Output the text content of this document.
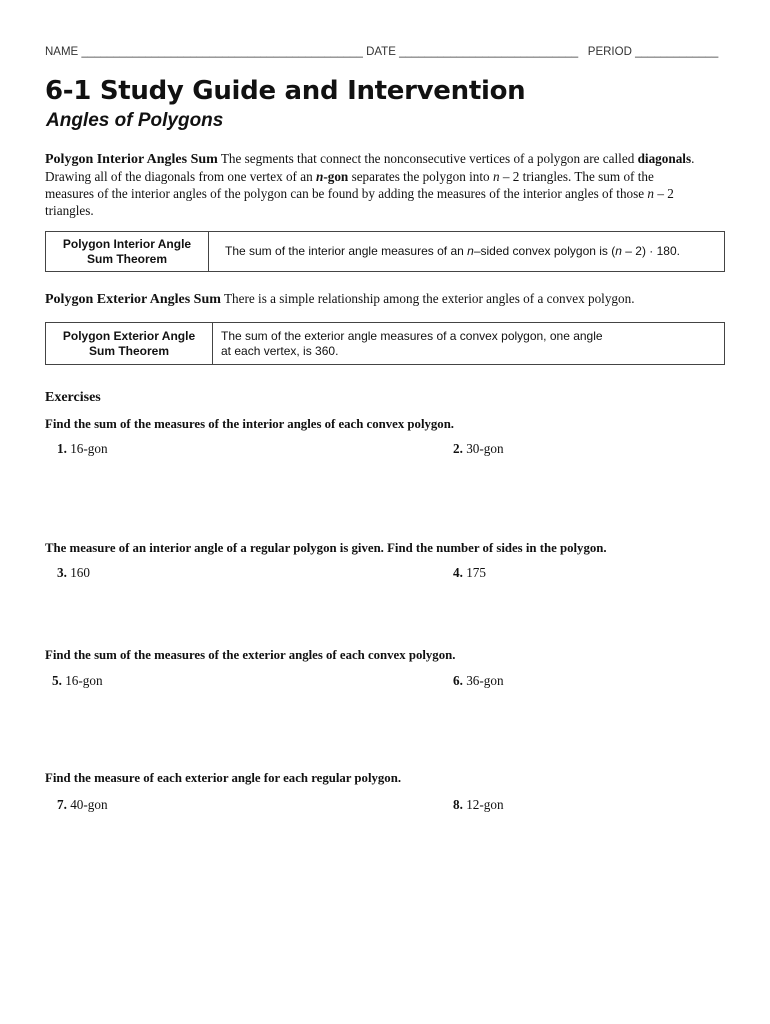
NAME ____________________________________________ DATE ____________________________ PERIOD _____________
6-1 Study Guide and Intervention
Angles of Polygons
Polygon Interior Angles Sum The segments that connect the nonconsecutive vertices of a polygon are called diagonals. Drawing all of the diagonals from one vertex of an n-gon separates the polygon into n – 2 triangles. The sum of the measures of the interior angles of the polygon can be found by adding the measures of the interior angles of those n – 2 triangles.
Polygon Interior Angle Sum Theorem
The sum of the interior angle measures of an n–sided convex polygon is (n – 2) · 180.
Polygon Exterior Angles Sum There is a simple relationship among the exterior angles of a convex polygon.
Polygon Exterior Angle Sum Theorem
The sum of the exterior angle measures of a convex polygon, one angle
at each vertex, is 360.
Exercises
Find the sum of the measures of the interior angles of each convex polygon.
1. 16-gon	2. 30-gon
The measure of an interior angle of a regular polygon is given. Find the number of sides in the polygon.
3. 160	4. 175
Find the sum of the measures of the exterior angles of each convex polygon.
5. 16-gon	6. 36-gon
Find the measure of each exterior angle for each regular polygon.
7. 40-gon	8. 12-gon
